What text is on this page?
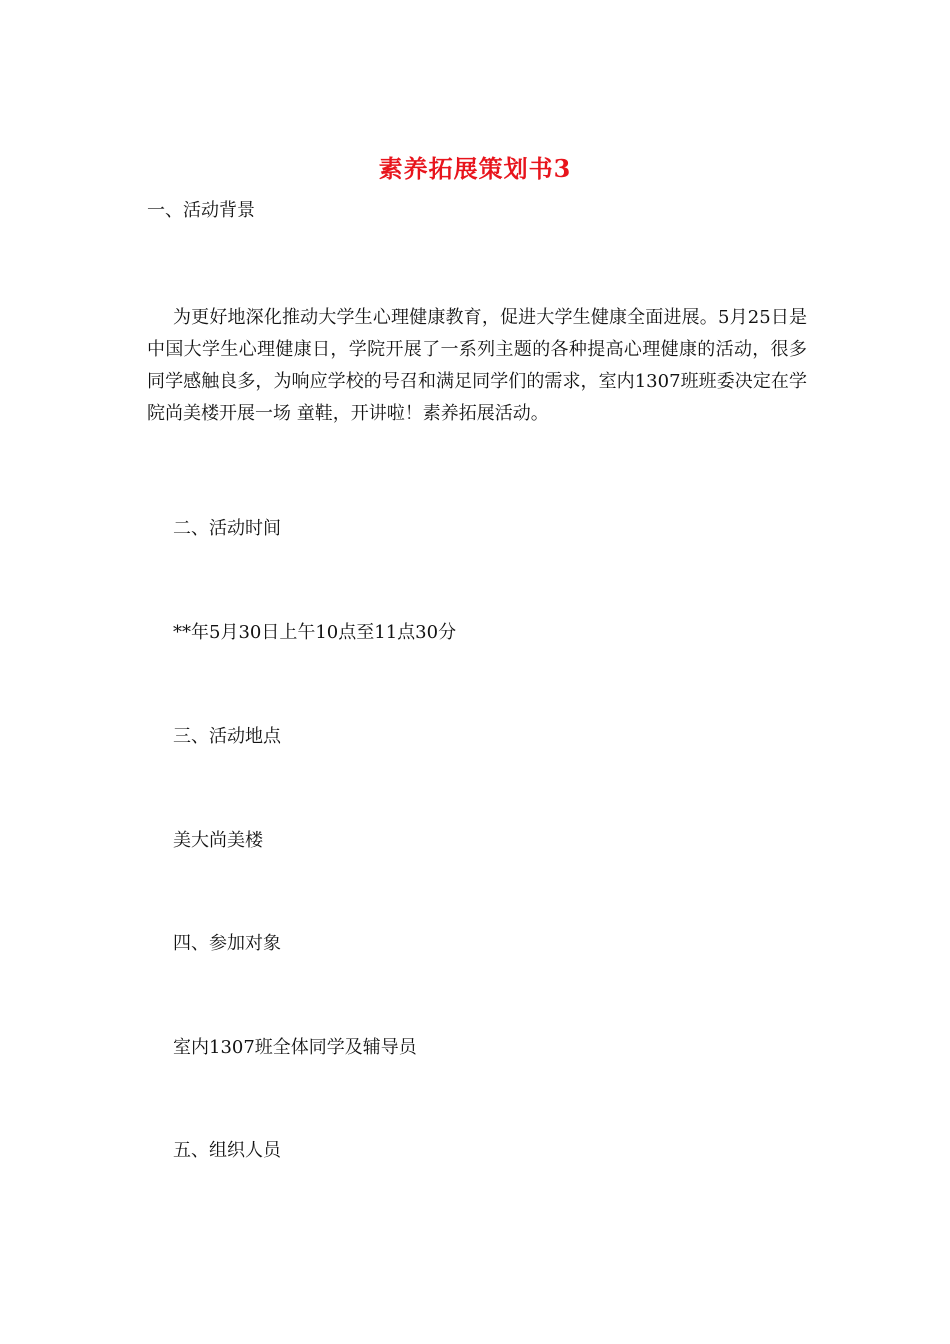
素养拓展策划书3
一、活动背景
为更好地深化推动大学生心理健康教育，促进大学生健康全面进展。5月25日是中国大学生心理健康日，学院开展了一系列主题的各种提高心理健康的活动，很多同学感触良多，为响应学校的号召和满足同学们的需求，室内1307班班委决定在学院尚美楼开展一场 童鞋，开讲啦！素养拓展活动。
二、活动时间
**年5月30日上午10点至11点30分
三、活动地点
美大尚美楼
四、参加对象
室内1307班全体同学及辅导员
五、组织人员
